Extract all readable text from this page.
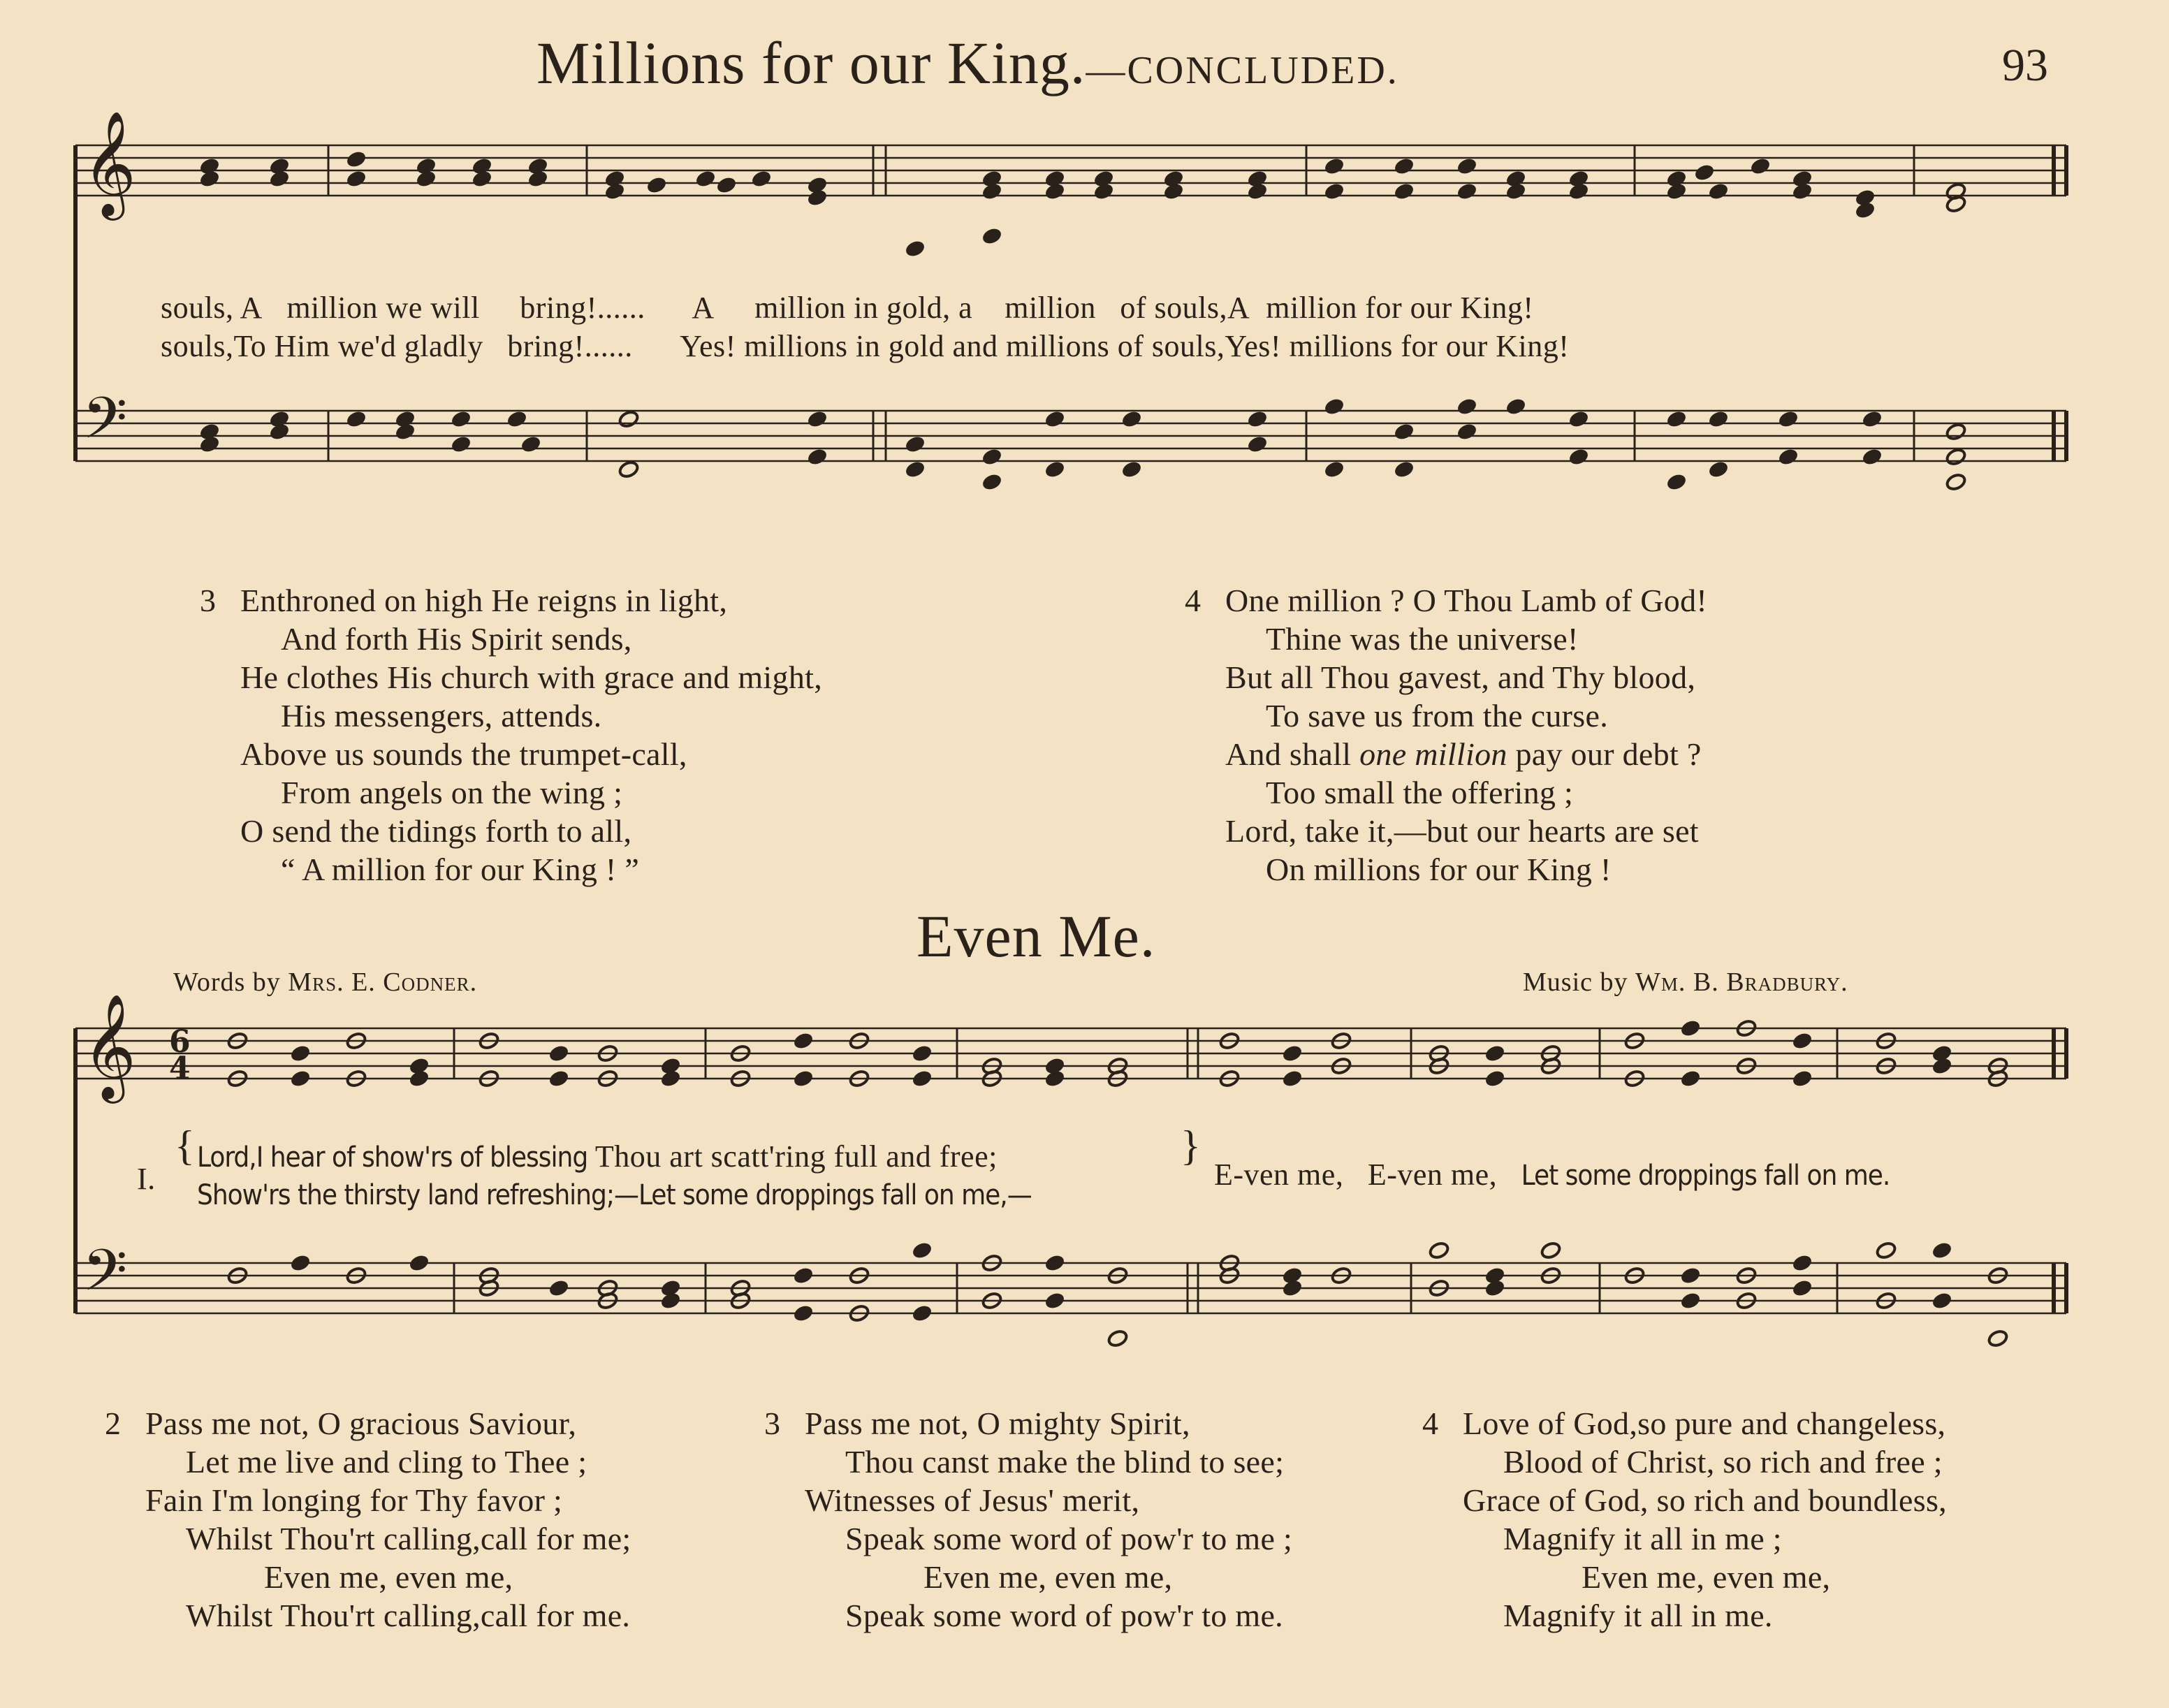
Millions for our King.—CONCLUDED.	93
𝄞
𝄢
𝄞
𝄢
6
4
souls, A million we will bring!...... A million in gold, a million of souls,A million for our King!
souls,To Him we'd gladly bring!...... Yes! millions in gold and millions of souls,Yes! millions for our King!
3 Enthroned on high He reigns in light,
And forth His Spirit sends,
He clothes His church with grace and might,
His messengers, attends.
Above us sounds the trumpet-call,
From angels on the wing ;
O send the tidings forth to all,
“ A million for our King ! ”
4 One million ? O Thou Lamb of God!
Thine was the universe!
But all Thou gavest, and Thy blood,
To save us from the curse.
And shall one million pay our debt ?
Too small the offering ;
Lord, take it,—but our hearts are set
On millions for our King !
Even Me.
Words by Mrs. E. Codner.	Music by Wm. B. Bradbury.
I.
{ Lord,I hear of show'rs of blessing Thou art scatt'ring full and free;
Show'rs the thirsty land refreshing;—Let some droppings fall on me,—
}
E-ven me, E-ven me, Let some droppings fall on me.
2 Pass me not, O gracious Saviour,
Let me live and cling to Thee ;
Fain I'm longing for Thy favor ;
Whilst Thou'rt calling,call for me;
Even me, even me,
Whilst Thou'rt calling,call for me.
3 Pass me not, O mighty Spirit,
Thou canst make the blind to see;
Witnesses of Jesus' merit,
Speak some word of pow'r to me ;
Even me, even me,
Speak some word of pow'r to me.
4 Love of God,so pure and changeless,
Blood of Christ, so rich and free ;
Grace of God, so rich and boundless,
Magnify it all in me ;
Even me, even me,
Magnify it all in me.
